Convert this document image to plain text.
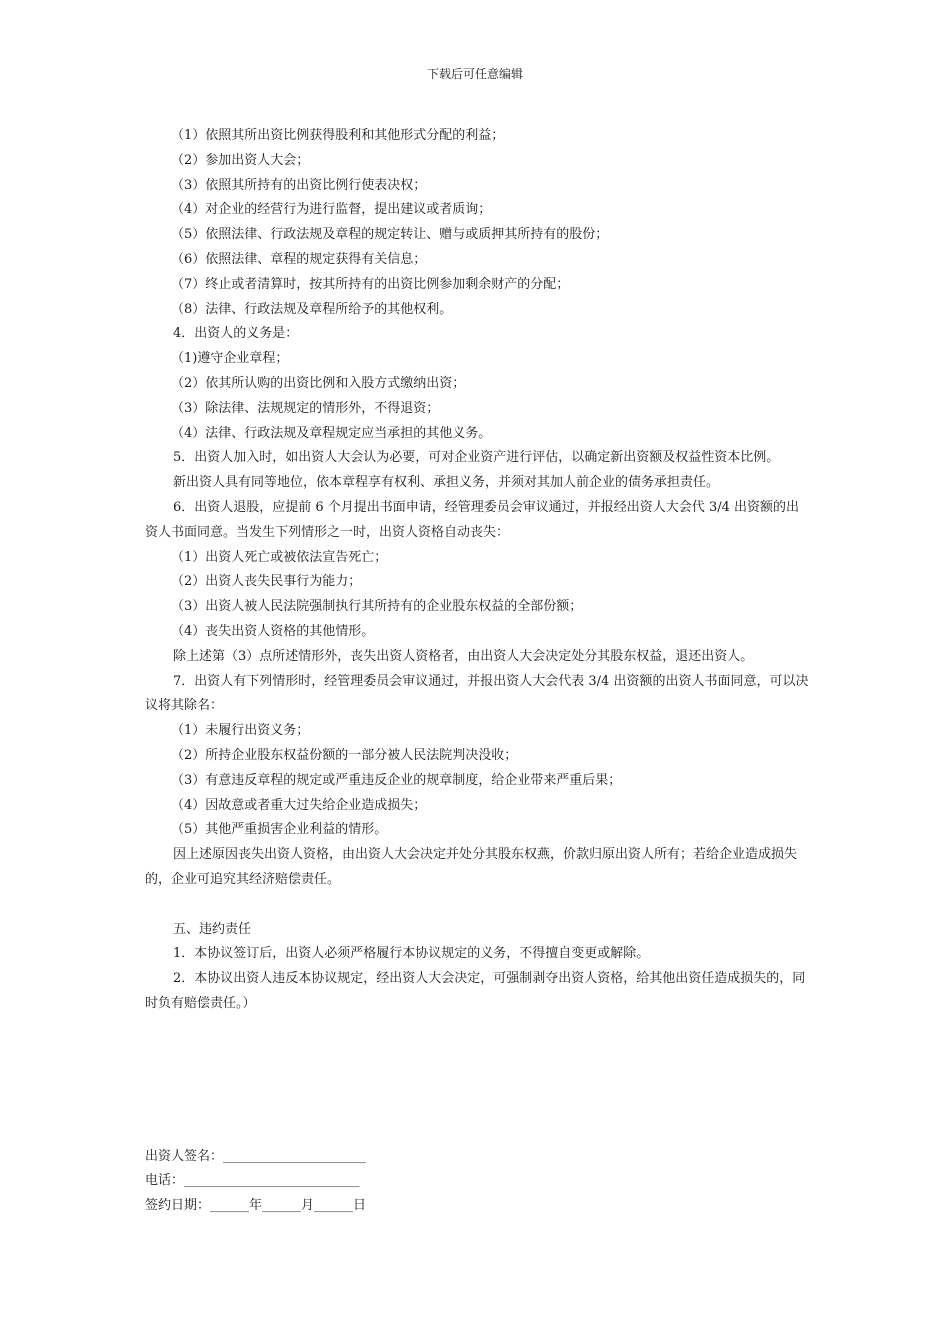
下载后可任意编辑

（1）依照其所出资比例获得股利和其他形式分配的利益；

（2）参加出资人大会；

（3）依照其所持有的出资比例行使表决权；

（4）对企业的经营行为进行监督，提出建议或者质询；

（5）依照法律、行政法规及章程的规定转让、赠与或质押其所持有的股份；

（6）依照法律、章程的规定获得有关信息；

（7）终止或者清算时，按其所持有的出资比例参加剩余财产的分配；

（8）法律、行政法规及章程所给予的其他权利。

4．出资人的义务是：

（1)遵守企业章程；

（2）依其所认购的出资比例和入股方式缴纳出资；

（3）除法律、法规规定的情形外，不得退资；

（4）法律、行政法规及章程规定应当承担的其他义务。

5．出资人加入时，如出资人大会认为必要，可对企业资产进行评估，以确定新出资额及权益性资本比例。

新出资人具有同等地位，依本章程享有权利、承担义务，并须对其加人前企业的债务承担责任。

6．出资人退股，应提前 6 个月提出书面申请，经管理委员会审议通过，并报经出资人大会代 3/4 出资额的出资人书面同意。当发生下列情形之一时，出资人资格自动丧失：

（1）出资人死亡或被依法宣告死亡；

（2）出资人丧失民事行为能力；

（3）出资人被人民法院强制执行其所持有的企业股东权益的全部份额；

（4）丧失出资人资格的其他情形。

除上述第（3）点所述情形外，丧失出资人资格者，由出资人大会决定处分其股东权益，退还出资人。

7．出资人有下列情形时，经管理委员会审议通过，并报出资人大会代表 3/4 出资额的出资人书面同意，可以决议将其除名：

（1）未履行出资义务；

（2）所持企业股东权益份额的一部分被人民法院判决没收；

（3）有意违反章程的规定或严重违反企业的规章制度，给企业带来严重后果；

（4）因故意或者重大过失给企业造成损失；

（5）其他严重损害企业利益的情形。

因上述原因丧失出资人资格，由出资人大会决定并处分其股东权燕，价款归原出资人所有；若给企业造成损失的，企业可追究其经济赔偿责任。

五、违约责任

1．本协议签订后，出资人必须严格履行本协议规定的义务，不得擅自变更或解除。

2．本协议出资人违反本协议规定，经出资人大会决定，可强制剥夺出资人资格，给其他出资任造成损失的，同时负有赔偿责任。）

出资人签名：______________________

电话：___________________________

签约日期：______年______月______日
